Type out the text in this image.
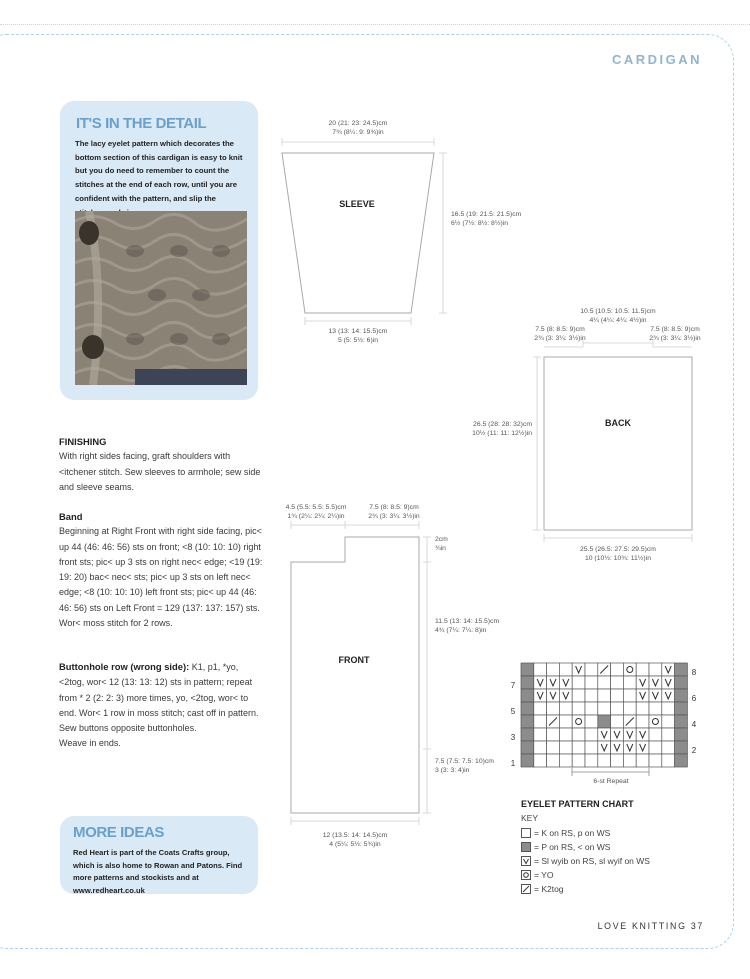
CARDIGAN
IT'S IN THE DETAIL
The lacy eyelet pattern which decorates the bottom section of this cardigan is easy to knit but you do need to remember to count the stitches at the end of each row, until you are confident with the pattern, and slip the
FINISHING
With right sides facing, graft shoulders with <itchener stitch. Sew sleeves to armhole; sew side and sleeve seams.
Band
Beginning at Right Front with right side facing, pic< up 44 (46: 46: 56) sts on front; <8 (10: 10: 10) right front sts; pic< up 3 sts on right nec< edge; <19 (19: 19: 20) bac< nec< sts; pic< up 3 sts on left nec< edge; <8 (10: 10: 10) left front sts; pic< up 44 (46: 46: 56) sts on Left Front = 129 (137: 137: 157) sts. Wor< moss stitch for 2 rows.
Buttonhole row (wrong side): K1, p1, *yo, <2tog, wor< 12 (13: 13: 12) sts in pattern; repeat from * 2 (2: 2: 3) more times, yo, <2tog, wor< to end. Wor< 1 row in moss stitch; cast off in pattern.
Sew buttons opposite buttonholes.
Weave in ends.
MORE IDEAS
Red Heart is part of the Coats Crafts group, which is also home to Rowan and Patons. Find more patterns and stockists and at www.redheart.co.uk
20 (21: 23: 24.5)cm
7¾ (8¼: 9: 9¾)in
SLEEVE
16.5 (19: 21.5: 21.5)cm
6½ (7½: 8½: 8½)in
13 (13: 14: 15.5)cm
5 (5: 5½: 6)in
10.5 (10.5: 10.5: 11.5)cm
4¼ (4¼: 4¼: 4½)in
7.5 (8: 8.5: 9)cm
2¾ (3: 3¼: 3½)in
7.5 (8: 8.5: 9)cm
2¾ (3: 3¼: 3½)in
BACK
26.5 (28: 28: 32)cm
10½ (11: 11: 12½)in
25.5 (26.5: 27.5: 29.5)cm
10 (10½: 10¾: 11½)in
4.5 (5.5: 5.5: 5.5)cm
1¾ (2¼: 2¼: 2¼)in
7.5 (8: 8.5: 9)cm
2¾ (3: 3¼: 3½)in
2cm
¾in
11.5 (13: 14: 15.5)cm
4¾ (7¼: 7¼: 8)in
FRONT
7.5 (7.5: 7.5: 10)cm
3 (3: 3: 4)in
12 (13.5: 14: 14.5)cm
4 (5¼: 5½: 5¾)in
7
5
3
1
8
6
4
2
6-st Repeat
EYELET PATTERN CHART
KEY
= K on RS, p on WS
= P on RS, < on WS
= Sl wyib on RS, sl wyif on WS
= YO
= K2tog
LOVE KNITTING 37
